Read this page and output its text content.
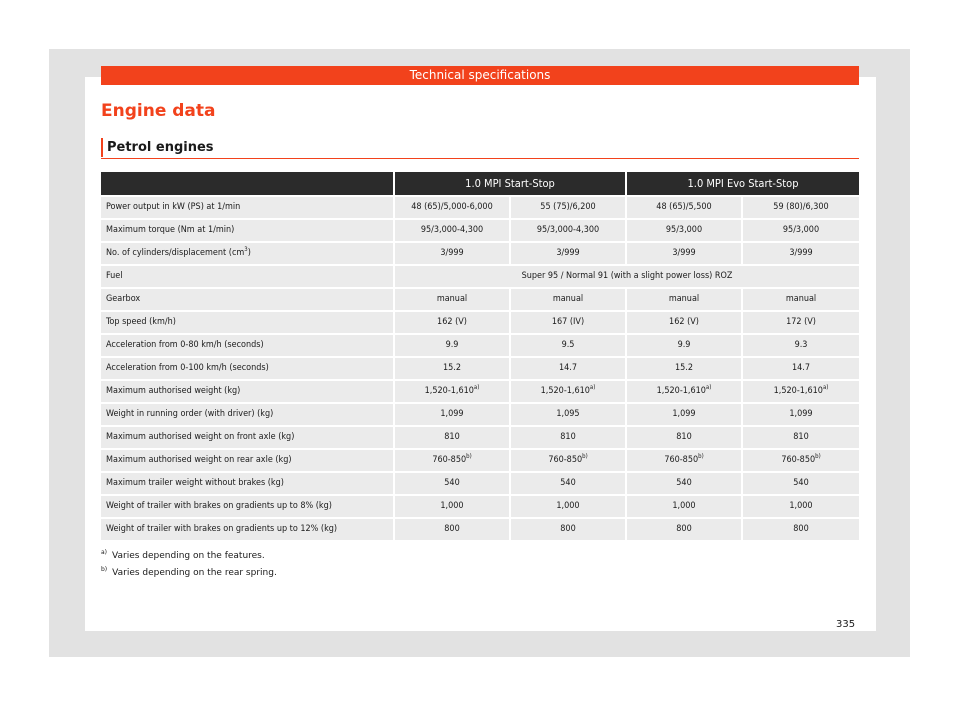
Technical specifications
Engine data
Petrol engines
	1.0 MPI Start-Stop		1.0 MPI Evo Start-Stop	
Power output in kW (PS) at 1/min	48 (65)/5,000-6,000	55 (75)/6,200	48 (65)/5,500	59 (80)/6,300
Maximum torque (Nm at 1/min)	95/3,000-4,300	95/3,000-4,300	95/3,000	95/3,000
No. of cylinders/displacement $(cm^3)$	3/999	3/999	3/999	3/999
Fuel	Super 95 / Normal 91 (with a slight power loss) ROZ			
Gearbox	manual	manual	manual	manual
Top speed (km/h)	162 (V)	167 (IV)	162 (V)	172 (V)
Acceleration from 0-80 km/h (seconds)	9.9	9.5	9.9	9.3
Acceleration from 0-100 km/h (seconds)	15.2	14.7	15.2	14.7
Maximum authorised weight (kg)	1,520-1,610$^{a)}$	1,520-1,610$^{a)}$	1,520-1,610$^{a)}$	1,520-1,610$^{a)}$
Weight in running order (with driver) (kg)	1,099	1,095	1,099	1,099
Maximum authorised weight on front axle (kg)	810	810	810	810
Maximum authorised weight on rear axle (kg)	760-850$^{b)}$	760-850$^{b)}$	760-850$^{b)}$	760-850$^{b)}$
Maximum trailer weight without brakes (kg)	540	540	540	540
Weight of trailer with brakes on gradients up to 8% (kg)	1,000	1,000	1,000	1,000
Weight of trailer with brakes on gradients up to 12% (kg)	800	800	800	800
$^{a)}$ Varies depending on the features.
$^{b)}$ Varies depending on the rear spring.
335
